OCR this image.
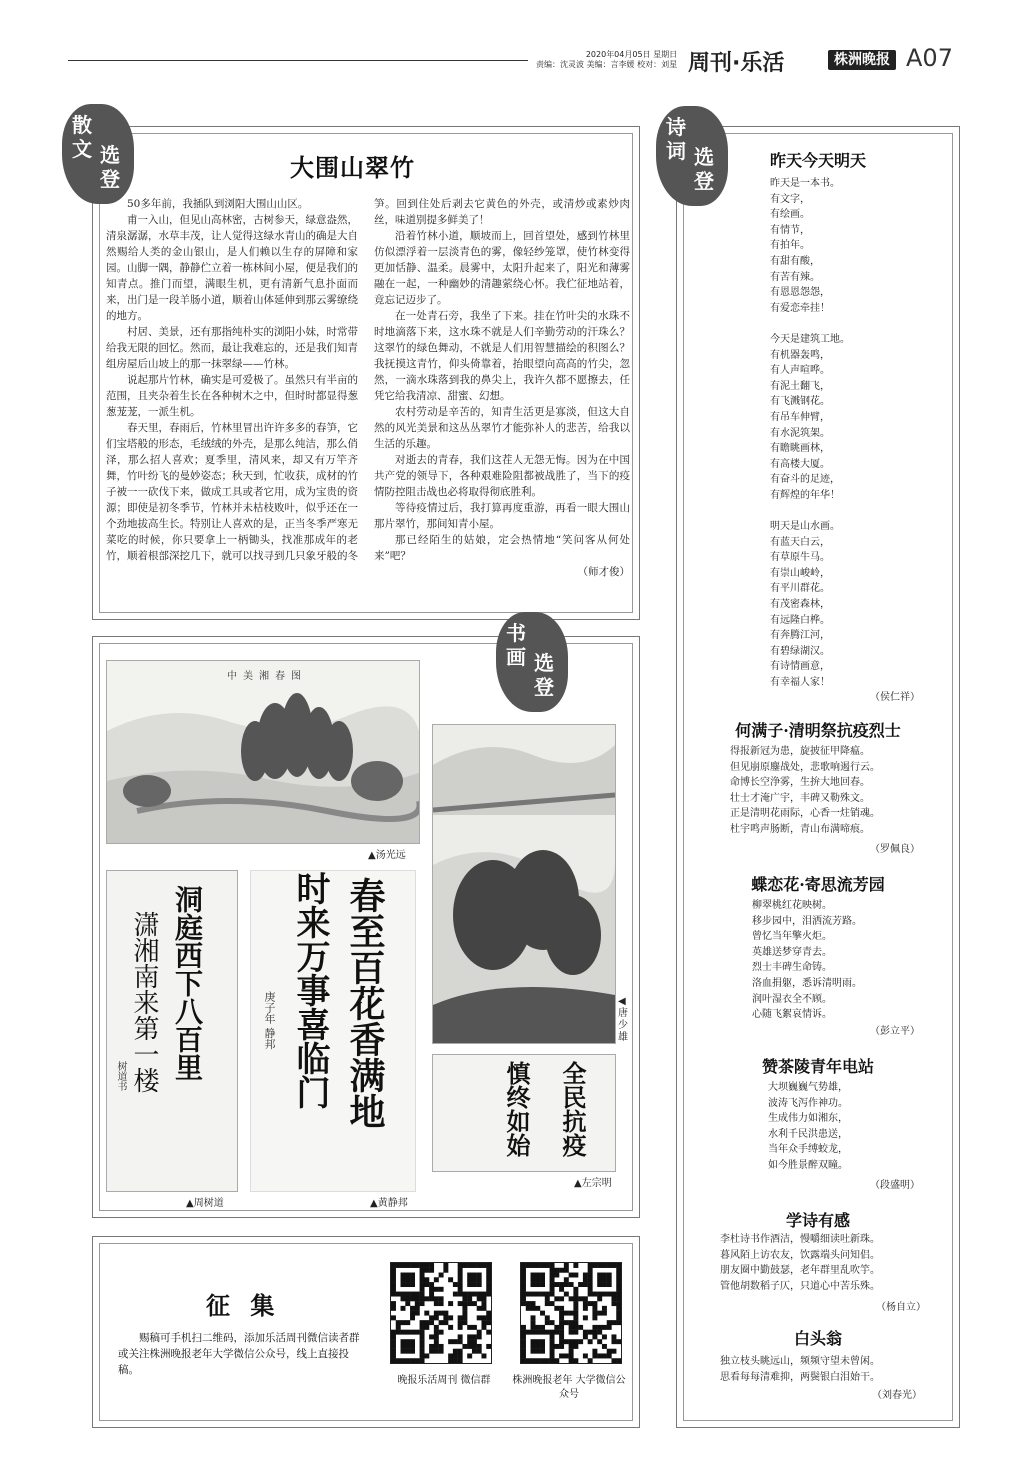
2020年04月05日 星期日
责编：沈灵波 美编：言李媛 校对：刘星 周刊·乐活	株洲晚报 A07
散
文 选
登	大围山翠竹

50多年前，我插队到浏阳大围山山区。

甫一入山，但见山高林密，古树参天，绿意盎然，清泉潺潺，水草丰茂，让人觉得这绿水青山的确是大自然赐给人类的金山银山，是人们赖以生存的屏障和家园。山脚一隅，静静伫立着一栋林间小屋，便是我们的知青点。推门而望，满眼生机，更有清新气息扑面而来，出门是一段羊肠小道，顺着山体延伸到那云雾缭绕的地方。

村居、美景，还有那指纯朴实的浏阳小妹，时常带给我无限的回忆。然而，最让我难忘的，还是我们知青组房屋后山坡上的那一抹翠绿——竹林。

说起那片竹林，确实是可爱极了。虽然只有半亩的范围，且夹杂着生长在各种树木之中，但时时都显得葱葱茏茏，一派生机。

春天里，春雨后，竹林里冒出许许多多的春笋，它们宝塔般的形态，毛绒绒的外壳，是那么纯洁，那么俏泽，那么招人喜欢；夏季里，清风来，却又有万竿齐舞，竹叶纷飞的曼妙姿态；秋天到，忙收获，成材的竹子被一一砍伐下来，做成工具或者它用，成为宝贵的资源；即使是初冬季节，竹林并未枯枝败叶，似乎还在一个劲地拔高生长。特别让人喜欢的是，正当冬季严寒无菜吃的时候，你只要拿上一柄锄头，找准那成年的老竹，顺着根部深挖几下，就可以找寻到几只象牙般的冬

笋。回到住处后剥去它黄色的外壳，或清炒或素炒肉丝，味道别提多鲜美了！

沿着竹林小道，顺坡而上，回首望处，感到竹林里仿似漂浮着一层淡青色的雾，像轻纱笼罩，使竹林变得更加恬静、温柔。晨雾中，太阳升起来了，阳光和薄雾融在一起，一种幽妙的清趣萦绕心怀。我伫征地站着，竟忘记迈步了。

在一处青石旁，我坐了下来。挂在竹叶尖的水珠不时地滴落下来，这水珠不就是人们辛勤劳动的汗珠么？这翠竹的绿色舞动，不就是人们用智慧描绘的积图么？我抚摸这青竹，仰头倚靠着，抬眼望向高高的竹尖，忽然，一滴水珠落到我的鼻尖上，我许久都不愿擦去，任凭它给我清凉、甜蜜、幻想。

农村劳动是辛苦的，知青生活更是寡淡，但这大自然的风光美景和这丛丛翠竹才能弥补人的悲苦，给我以生活的乐趣。

对逝去的青春，我们这茬人无怨无悔。因为在中国共产党的领导下，各种艰难险阻都被战胜了，当下的疫情防控阻击战也必将取得彻底胜利。

等待疫情过后，我打算再度重游，再看一眼大围山那片翠竹，那间知青小屋。

那已经陌生的姑娘，定会热情地“笑问客从何处来”吧？

（师才俊）
诗
词 选
登
昨天今天明天
昨天是一本书。
有文字，
有绘画。
有情节，
有拍年。
有甜有酸，
有苦有辣。
有恩恩怨怨，
有爱恋牵挂！

今天是建筑工地。
有机器轰鸣，
有人声喧哗。
有泥土翻飞，
有飞溅钢花。
有吊车伸臂，
有水泥筑架。
有瞻眺画林，
有高楼大厦。
有奋斗的足迹，
有辉煌的年华！

明天是山水画。
有蓝天白云，
有草原牛马。
有崇山峻岭，
有平川群花。
有茂密森林，
有远隆白桦。
有奔腾江河，
有碧绿湖汉。
有诗情画意，
有幸福人家！
（侯仁祥）
何满子·清明祭抗疫烈士
得报新冠为患，旋披征甲降瘟。
但见崩原鏖战处，悲歌响遏行云。
命博长空浄雾，生拚大地回春。
壮士才淹广宇，丰碑又勒殊文。
正是清明花雨际，心香一炷销魂。
杜宇鸣声肠断，青山布满啼痕。
（罗佩良）
蝶恋花·寄思流芳园
柳翠桃红花映树。
移步园中，泪洒流芳路。
曾忆当年擎火炬。
英雄送梦穿青去。
烈士丰碑生命铸。
洛血捐躯，悉诉清明雨。
润叶湿衣全不顾。
心随飞絮哀情诉。
（彭立平）
赞茶陵青年电站
大坝巍巍气势雄，
波涛飞泻作神功。
生成伟力如湘东，
水利千民洪患送，
当年众手缚蛟龙，
如今胜景醉双瞳。
（段盛明）
学诗有感
李杜诗书作酒洁，慢嚼细读吐新珠。
暮风陌上访农友，饮露端头问知侣。
朋友圈中勤鼓瑟，老年群里乱吹竽。
管他胡数稻子仄，只道心中苦乐殊。
（杨自立）
白头翁
独立枝头眺远山，频频守望未曾闲。
思看每每清难抑，两鬓银白泪始干。
（刘春光）
书
画 选
登
中美湘春图
▲汤光远
◀唐少雄
洞庭西下八百里
潇湘南来第一楼
树道书
▲周树道
春至百花香满地
时来万事喜临门
庚子年 静邦
▲黄静邦
全民抗疫
慎终如始
▲左宗明
征 集
赐稿可手机扫二维码，添加乐活周刊微信读者群或关注株洲晚报老年大学微信公众号，线上直接投稿。
晚报乐活周刊 微信群	株洲晚报老年 大学微信公众号
